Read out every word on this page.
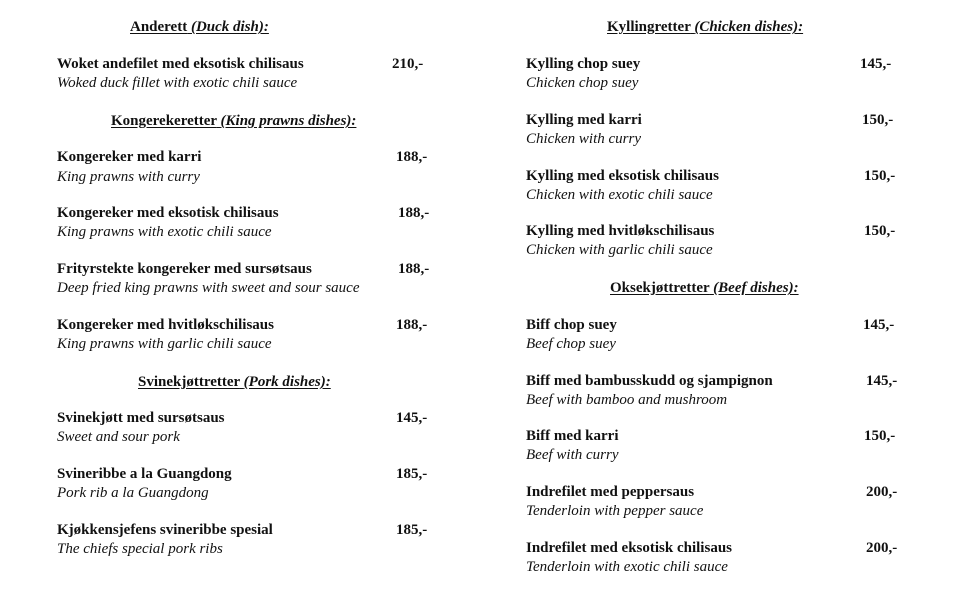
Anderett (Duck dish):
Woket andefilet med eksotisk chilisaus
Woked duck fillet with exotic chili sauce
210,-
Kongerekeretter (King prawns dishes):
Kongereker med karri
King prawns with curry
188,-
Kongereker med eksotisk chilisaus
King prawns with exotic chili sauce
188,-
Frityrstekte kongereker med sursøtsaus
Deep fried king prawns with sweet and sour sauce
188,-
Kongereker med hvitløkschilisaus
King prawns with garlic chili sauce
188,-
Svinekjøttretter (Pork dishes):
Svinekjøtt med sursøtsaus
Sweet and sour pork
145,-
Svineribbe a la Guangdong
Pork rib a la Guangdong
185,-
Kjøkkensjefens svineribbe spesial
The chiefs special pork ribs
185,-
Kyllingretter (Chicken dishes):
Kylling chop suey
Chicken chop suey
145,-
Kylling med karri
Chicken with curry
150,-
Kylling med eksotisk chilisaus
Chicken with exotic chili sauce
150,-
Kylling med hvitløkschilisaus
Chicken with garlic chili sauce
150,-
Oksekjøttretter (Beef dishes):
Biff chop suey
Beef chop suey
145,-
Biff med bambusskudd og sjampignon
Beef with bamboo and mushroom
145,-
Biff med karri
Beef with curry
150,-
Indrefilet med peppersaus
Tenderloin with pepper sauce
200,-
Indrefilet med eksotisk chilisaus
Tenderloin with exotic chili sauce
200,-
